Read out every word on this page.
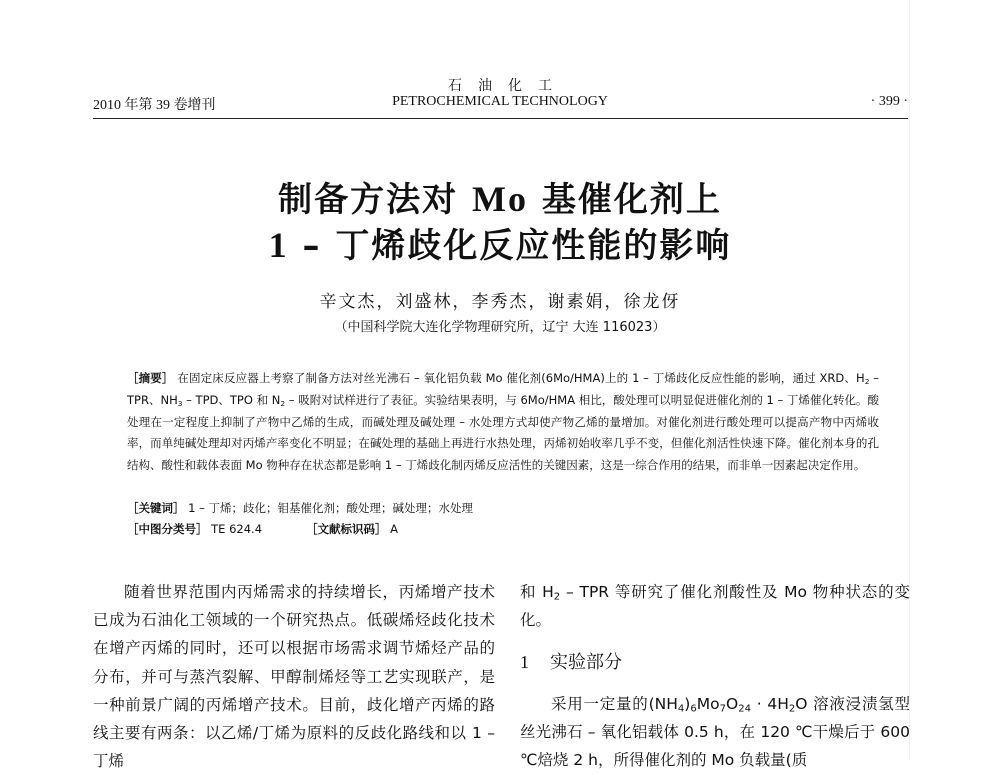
石油化工
PETROCHEMICAL TECHNOLOGY
2010 年第 39 卷增刊	· 399 ·
制备方法对 Mo 基催化剂上
1 – 丁烯歧化反应性能的影响
辛文杰，刘盛林，李秀杰，谢素娟，徐龙伢
（中国科学院大连化学物理研究所，辽宁 大连 116023）
［摘要］ 在固定床反应器上考察了制备方法对丝光沸石 – 氧化铝负载 Mo 催化剂(6Mo/HMA)上的 1 – 丁烯歧化反应性能的影响，通过 XRD、$H_2$ – TPR、$NH_3$ – TPD、TPO 和 $N_2$ – 吸附对试样进行了表征。实验结果表明，与 6Mo/HMA 相比，酸处理可以明显促进催化剂的 1 – 丁烯催化转化。酸处理在一定程度上抑制了产物中乙烯的生成，而碱处理及碱处理 – 水处理方式却使产物乙烯的量增加。对催化剂进行酸处理可以提高产物中丙烯收率，而单纯碱处理却对丙烯产率变化不明显；在碱处理的基础上再进行水热处理，丙烯初始收率几乎不变，但催化剂活性快速下降。催化剂本身的孔结构、酸性和载体表面 Mo 物种存在状态都是影响 1 – 丁烯歧化制丙烯反应活性的关键因素，这是一综合作用的结果，而非单一因素起决定作用。
［关键词］ 1 – 丁烯；歧化；钼基催化剂；酸处理；碱处理；水处理
［中图分类号］ TE 624.4	［文献标识码］ A
随着世界范围内丙烯需求的持续增长，丙烯增产技术已成为石油化工领域的一个研究热点。低碳烯烃歧化技术在增产丙烯的同时，还可以根据市场需求调节烯烃产品的分布，并可与蒸汽裂解、甲醇制烯烃等工艺实现联产，是一种前景广阔的丙烯增产技术。目前，歧化增产丙烯的路线主要有两条：以乙烯/丁烯为原料的反歧化路线和以 1 – 丁烯
和 $H_2$ – TPR 等研究了催化剂酸性及 Mo 物种状态的变化。
1 实验部分
采用一定量的$(NH_4)_6Mo_7O_{24} \cdot 4H_2O$ 溶液浸渍氢型丝光沸石 – 氧化铝载体 0.5 h，在 120 ℃干燥后于 600 ℃焙烧 2 h，所得催化剂的 Mo 负载量(质
